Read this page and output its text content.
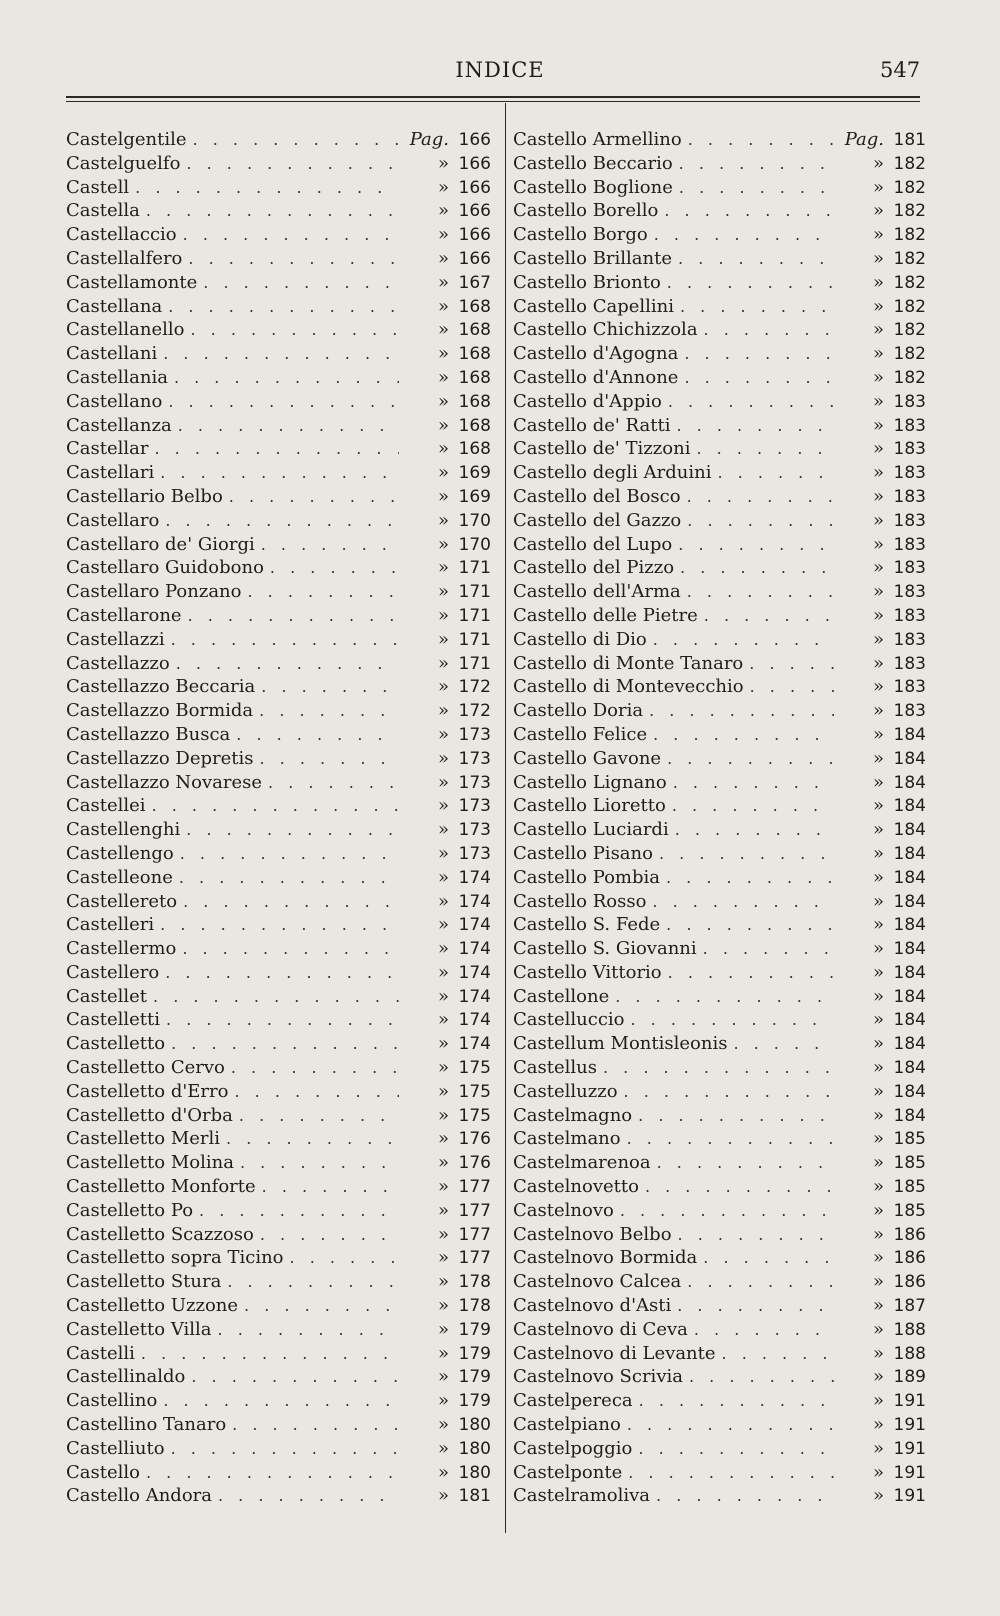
INDICE	547
Castelgentile . . .	Pag. 166
Castelguelfo . . .	» 166
Castell . . .	» 166
Castella . . .	» 166
Castellaccio . . .	» 166
Castellalfero . . .	» 166
Castellamonte . . .	» 167
Castellana . . .	» 168
Castellanello . . .	» 168
Castellani . . .	» 168
Castellania . . .	» 168
Castellano . . .	» 168
Castellanza . . .	» 168
Castellar . . .	» 168
Castellari . . .	» 169
Castellario Belbo . . .	» 169
Castellaro . . .	» 170
Castellaro de' Giorgi . . .	» 170
Castellaro Guidobono . . .	» 171
Castellaro Ponzano . . .	» 171
Castellarone . . .	» 171
Castellazzi . . .	» 171
Castellazzo . . .	» 171
Castellazzo Beccaria . . .	» 172
Castellazzo Bormida . . .	» 172
Castellazzo Busca . . .	» 173
Castellazzo Depretis . . .	» 173
Castellazzo Novarese . . .	» 173
Castellei . . .	» 173
Castellenghi . . .	» 173
Castellengo . . .	» 173
Castelleone . . .	» 174
Castellereto . . .	» 174
Castelleri . . .	» 174
Castellermo . . .	» 174
Castellero . . .	» 174
Castellet . . .	» 174
Castelletti . . .	» 174
Castelletto . . .	» 174
Castelletto Cervo . . .	» 175
Castelletto d'Erro . . .	» 175
Castelletto d'Orba . . .	» 175
Castelletto Merli . . .	» 176
Castelletto Molina . . .	» 176
Castelletto Monforte . . .	» 177
Castelletto Po . . .	» 177
Castelletto Scazzoso . . .	» 177
Castelletto sopra Ticino . . .	» 177
Castelletto Stura . . .	» 178
Castelletto Uzzone . . .	» 178
Castelletto Villa . . .	» 179
Castelli . . .	» 179
Castellinaldo . . .	» 179
Castellino . . .	» 179
Castellino Tanaro . . .	» 180
Castelliuto . . .	» 180
Castello . . .	» 180
Castello Andora . . .	» 181
Castello Armellino . . .	Pag. 181
Castello Beccario . . .	» 182
Castello Boglione . . .	» 182
Castello Borello . . .	» 182
Castello Borgo . . .	» 182
Castello Brillante . . .	» 182
Castello Brionto . . .	» 182
Castello Capellini . . .	» 182
Castello Chichizzola . . .	» 182
Castello d'Agogna . . .	» 182
Castello d'Annone . . .	» 182
Castello d'Appio . . .	» 183
Castello de' Ratti . . .	» 183
Castello de' Tizzoni . . .	» 183
Castello degli Arduini . . .	» 183
Castello del Bosco . . .	» 183
Castello del Gazzo . . .	» 183
Castello del Lupo . . .	» 183
Castello del Pizzo . . .	» 183
Castello dell'Arma . . .	» 183
Castello delle Pietre . . .	» 183
Castello di Dio . . .	» 183
Castello di Monte Tanaro . . .	» 183
Castello di Montevecchio . . .	» 183
Castello Doria . . .	» 183
Castello Felice . . .	» 184
Castello Gavone . . .	» 184
Castello Lignano . . .	» 184
Castello Lioretto . . .	» 184
Castello Luciardi . . .	» 184
Castello Pisano . . .	» 184
Castello Pombia . . .	» 184
Castello Rosso . . .	» 184
Castello S. Fede . . .	» 184
Castello S. Giovanni . . .	» 184
Castello Vittorio . . .	» 184
Castellone . . .	» 184
Castelluccio . . .	» 184
Castellum Montisleonis . . .	» 184
Castellus . . .	» 184
Castelluzzo . . .	» 184
Castelmagno . . .	» 184
Castelmano . . .	» 185
Castelmarenoa . . .	» 185
Castelnovetto . . .	» 185
Castelnovo . . .	» 185
Castelnovo Belbo . . .	» 186
Castelnovo Bormida . . .	» 186
Castelnovo Calcea . . .	» 186
Castelnovo d'Asti . . .	» 187
Castelnovo di Ceva . . .	» 188
Castelnovo di Levante . . .	» 188
Castelnovo Scrivia . . .	» 189
Castelpereca . . .	» 191
Castelpiano . . .	» 191
Castelpoggio . . .	» 191
Castelponte . . .	» 191
Castelramoliva . . .	» 191
